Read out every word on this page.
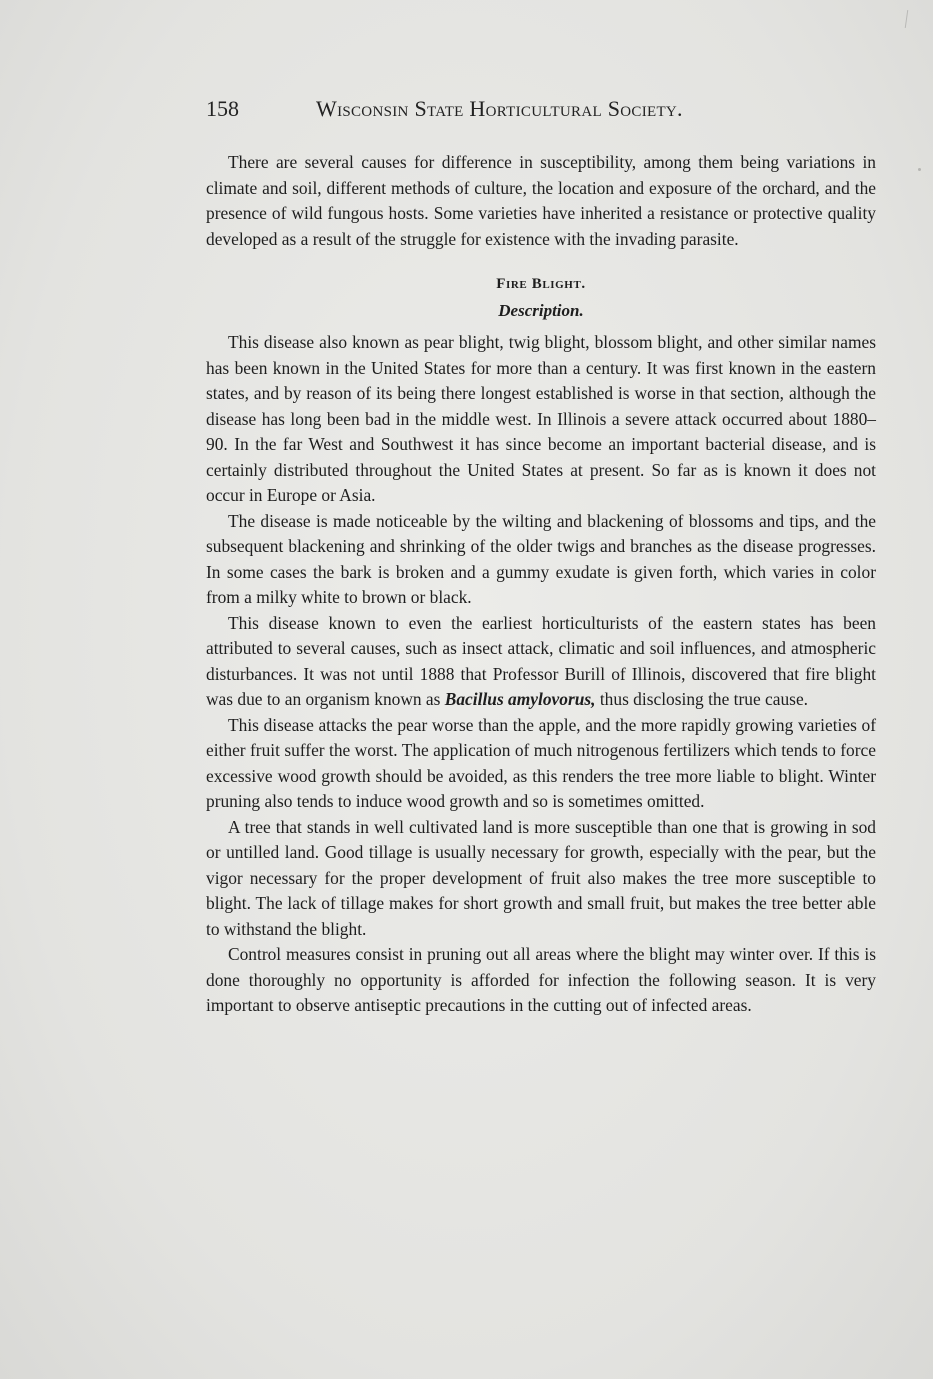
158	Wisconsin State Horticultural Society.

There are several causes for difference in susceptibility, among them being variations in climate and soil, different methods of culture, the location and exposure of the orchard, and the presence of wild fungous hosts. Some varieties have inherited a resistance or protective quality developed as a result of the struggle for existence with the invading parasite.

Fire Blight.
Description.

This disease also known as pear blight, twig blight, blossom blight, and other similar names has been known in the United States for more than a century. It was first known in the eastern states, and by reason of its being there longest established is worse in that section, although the disease has long been bad in the middle west. In Illinois a severe attack occurred about 1880–90. In the far West and Southwest it has since become an important bacterial disease, and is certainly distributed throughout the United States at present. So far as is known it does not occur in Europe or Asia.

The disease is made noticeable by the wilting and blackening of blossoms and tips, and the subsequent blackening and shrinking of the older twigs and branches as the disease progresses. In some cases the bark is broken and a gummy exudate is given forth, which varies in color from a milky white to brown or black.

This disease known to even the earliest horticulturists of the eastern states has been attributed to several causes, such as insect attack, climatic and soil influences, and atmospheric disturbances. It was not until 1888 that Professor Burill of Illinois, discovered that fire blight was due to an organism known as Bacillus amylovorus, thus disclosing the true cause.

This disease attacks the pear worse than the apple, and the more rapidly growing varieties of either fruit suffer the worst. The application of much nitrogenous fertilizers which tends to force excessive wood growth should be avoided, as this renders the tree more liable to blight. Winter pruning also tends to induce wood growth and so is sometimes omitted.

A tree that stands in well cultivated land is more susceptible than one that is growing in sod or untilled land. Good tillage is usually necessary for growth, especially with the pear, but the vigor necessary for the proper development of fruit also makes the tree more susceptible to blight. The lack of tillage makes for short growth and small fruit, but makes the tree better able to withstand the blight.

Control measures consist in pruning out all areas where the blight may winter over. If this is done thoroughly no opportunity is afforded for infection the following season. It is very important to observe antiseptic precautions in the cutting out of infected areas.
